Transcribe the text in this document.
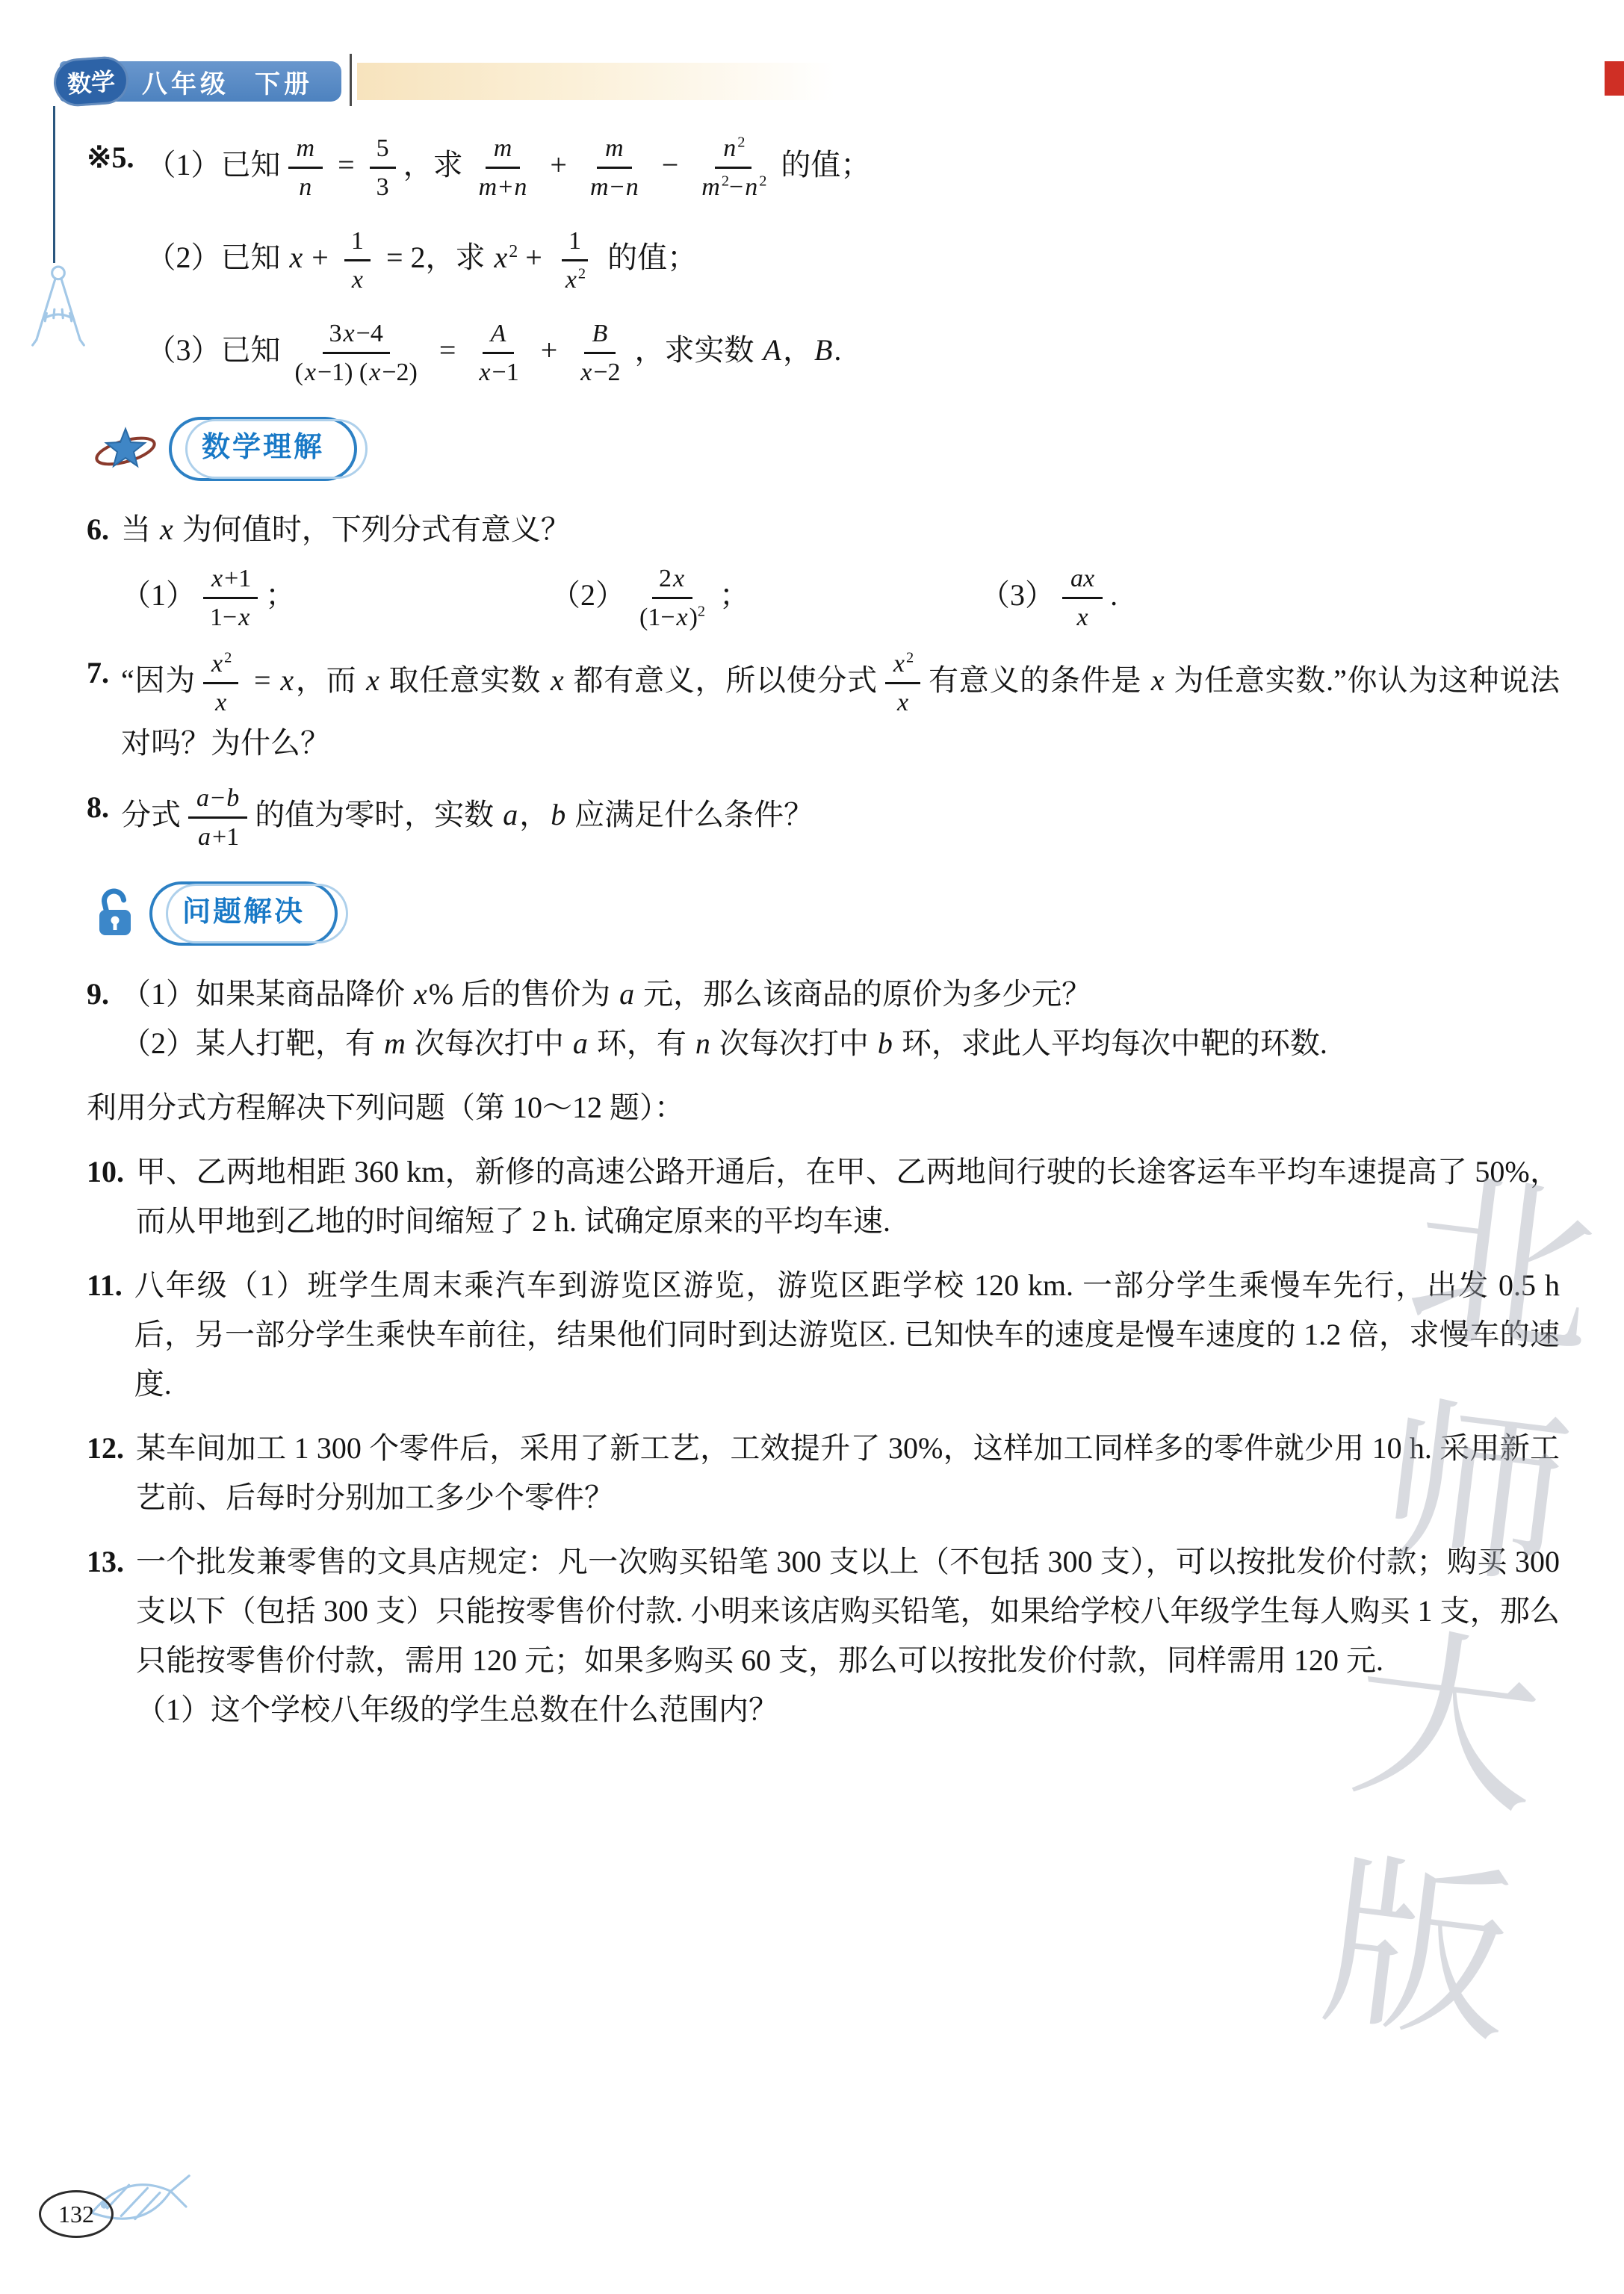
数学	八年级 下册
※5. （1）已知 $\frac{m}{n} = \frac{5}{3}$ ，求 $\frac{m}{m+n} + \frac{m}{m-n} - \frac{n^2}{m^2-n^2}$ 的值；
（2）已知 $x + \frac{1}{x} = 2$，求 $x^2 + \frac{1}{x^2}$ 的值；
（3）已知 $\frac{3x-4}{(x-1) (x-2)} = \frac{A}{x-1} + \frac{B}{x-2}$ ，求实数 A，B.
数学理解
6. 当 x 为何值时，下列分式有意义？
$(1) \frac{x+1}{1-x}$ ；	$(2) \frac{2x}{(1-x)^2}$ ；	$(3) \frac{ax}{x}$ .
7. “因为 $\frac{x^2}{x} = x$，而 x 取任意实数 x 都有意义，所以使分式 $\frac{x^2}{x}$ 有意义的条件是 x 为任意实数.”你认为这种说法对吗？为什么？
8. 分式 $\frac{a-b}{a+1}$ 的值为零时，实数 a，b 应满足什么条件？
问题解决
9. （1）如果某商品降价 x% 后的售价为 a 元，那么该商品的原价为多少元？
（2）某人打靶，有 m 次每次打中 a 环，有 n 次每次打中 b 环，求此人平均每次中靶的环数.
利用分式方程解决下列问题（第 10～12 题）：
10. 甲、乙两地相距 360 km，新修的高速公路开通后，在甲、乙两地间行驶的长途客运车平均车速提高了 50%，而从甲地到乙地的时间缩短了 2 h. 试确定原来的平均车速.
11. 八年级（1）班学生周末乘汽车到游览区游览，游览区距学校 120 km. 一部分学生乘慢车先行，出发 0.5 h 后，另一部分学生乘快车前往，结果他们同时到达游览区. 已知快车的速度是慢车速度的 1.2 倍，求慢车的速度.
12. 某车间加工 1 300 个零件后，采用了新工艺，工效提升了 30%，这样加工同样多的零件就少用 10 h. 采用新工艺前、后每时分别加工多少个零件？
13. 一个批发兼零售的文具店规定：凡一次购买铅笔 300 支以上（不包括 300 支），可以按批发价付款；购买 300 支以下（包括 300 支）只能按零售价付款. 小明来该店购买铅笔，如果给学校八年级学生每人购买 1 支，那么只能按零售价付款，需用 120 元；如果多购买 60 支，那么可以按批发价付款，同样需用 120 元.
（1）这个学校八年级的学生总数在什么范围内？	北师大版
132
